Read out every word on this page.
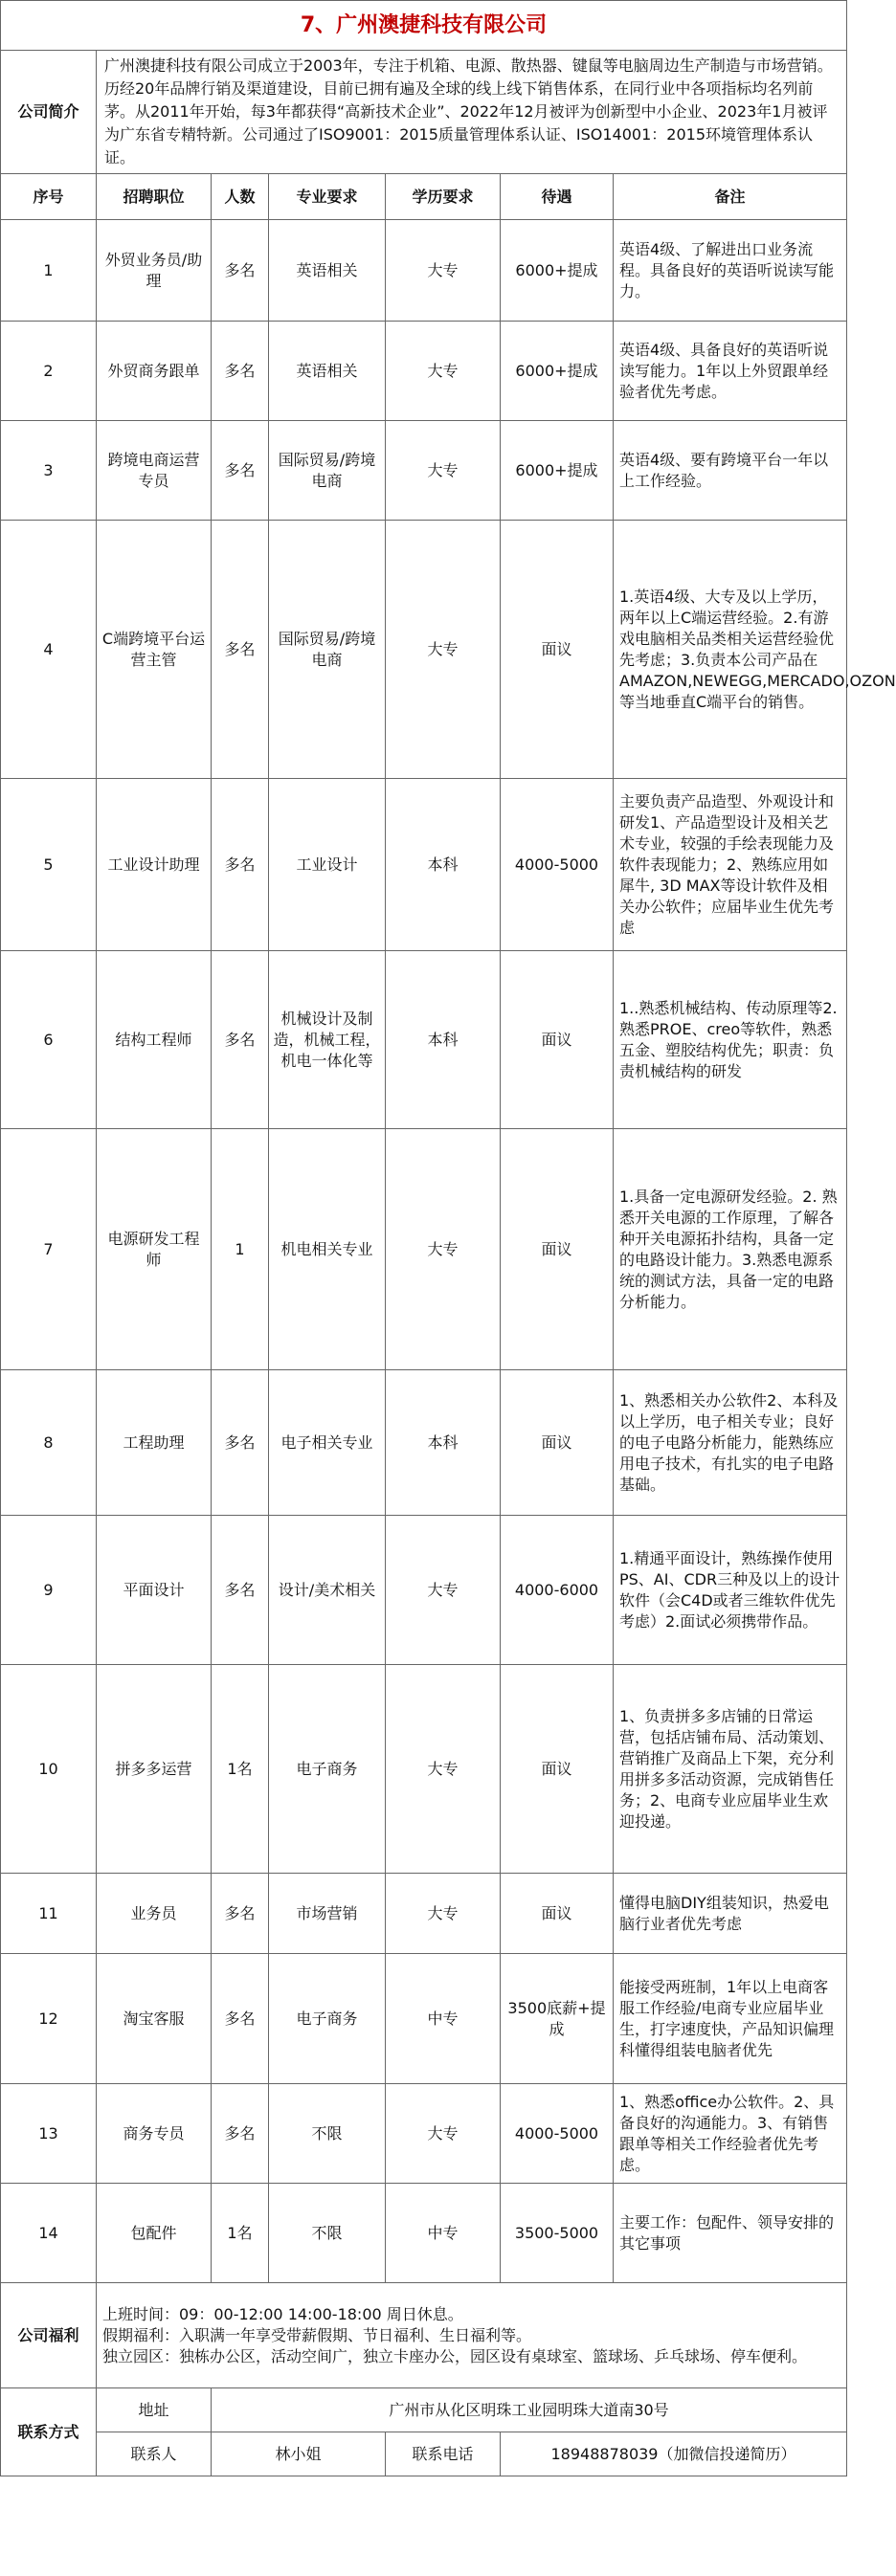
7、广州澳捷科技有限公司						
公司简介	广州澳捷科技有限公司成立于2003年，专注于机箱、电源、散热器、键鼠等电脑周边生产制造与市场营销。历经20年品牌行销及渠道建设，目前已拥有遍及全球的线上线下销售体系，在同行业中各项指标均名列前茅。从2011年开始，每3年都获得“高新技术企业”、2022年12月被评为创新型中小企业、2023年1月被评为广东省专精特新。公司通过了ISO9001：2015质量管理体系认证、ISO14001：2015环境管理体系认证。					
序号	招聘职位	人数	专业要求	学历要求	待遇	备注
1	外贸业务员/助理	多名	英语相关	大专	6000+提成	英语4级、了解进出口业务流程。具备良好的英语听说读写能力。
2	外贸商务跟单	多名	英语相关	大专	6000+提成	英语4级、具备良好的英语听说读写能力。1年以上外贸跟单经验者优先考虑。
3	跨境电商运营专员	多名	国际贸易/跨境电商	大专	6000+提成	英语4级、要有跨境平台一年以上工作经验。
4	C端跨境平台运营主管	多名	国际贸易/跨境电商	大专	面议	1.英语4级、大专及以上学历，两年以上C端运营经验。2.有游戏电脑相关品类相关运营经验优先考虑；3.负责本公司产品在AMAZON,NEWEGG,MERCADO,OZON等当地垂直C端平台的销售。
5	工业设计助理	多名	工业设计	本科	4000-5000	主要负责产品造型、外观设计和研发1、产品造型设计及相关艺术专业，较强的手绘表现能力及软件表现能力；2、熟练应用如犀牛, 3D MAX等设计软件及相关办公软件；应届毕业生优先考虑
6	结构工程师	多名	机械设计及制造，机械工程，机电一体化等	本科	面议	1..熟悉机械结构、传动原理等2.熟悉PROE、creo等软件，熟悉五金、塑胶结构优先；职责：负责机械结构的研发
7	电源研发工程师	1	机电相关专业	大专	面议	1.具备一定电源研发经验。2. 熟悉开关电源的工作原理，了解各种开关电源拓扑结构，具备一定的电路设计能力。3.熟悉电源系统的测试方法，具备一定的电路分析能力。
8	工程助理	多名	电子相关专业	本科	面议	1、熟悉相关办公软件2、本科及以上学历，电子相关专业；良好的电子电路分析能力，能熟练应用电子技术，有扎实的电子电路基础。
9	平面设计	多名	设计/美术相关	大专	4000-6000	1.精通平面设计，熟练操作使用PS、AI、CDR三种及以上的设计软件（会C4D或者三维软件优先考虑）2.面试必须携带作品。
10	拼多多运营	1名	电子商务	大专	面议	1、负责拼多多店铺的日常运营，包括店铺布局、活动策划、营销推广及商品上下架，充分利用拼多多活动资源，完成销售任务；2、电商专业应届毕业生欢迎投递。
11	业务员	多名	市场营销	大专	面议	懂得电脑DIY组装知识，热爱电脑行业者优先考虑
12	淘宝客服	多名	电子商务	中专	3500底薪+提成	能接受两班制，1年以上电商客服工作经验/电商专业应届毕业生，打字速度快，产品知识偏理科懂得组装电脑者优先
13	商务专员	多名	不限	大专	4000-5000	1、熟悉office办公软件。2、具备良好的沟通能力。3、有销售跟单等相关工作经验者优先考虑。
14	包配件	1名	不限	中专	3500-5000	主要工作：包配件、领导安排的其它事项
公司福利	上班时间：09：00-12:00 14:00-18:00 周日休息。
假期福利：入职满一年享受带薪假期、节日福利、生日福利等。
独立园区：独栋办公区，活动空间广，独立卡座办公，园区设有桌球室、篮球场、乒乓球场、停车便利。					

联系方式	地址	广州市从化区明珠工业园明珠大道南30号				
	联系人	林小姐		联系电话	18948878039（加微信投递简历）	
